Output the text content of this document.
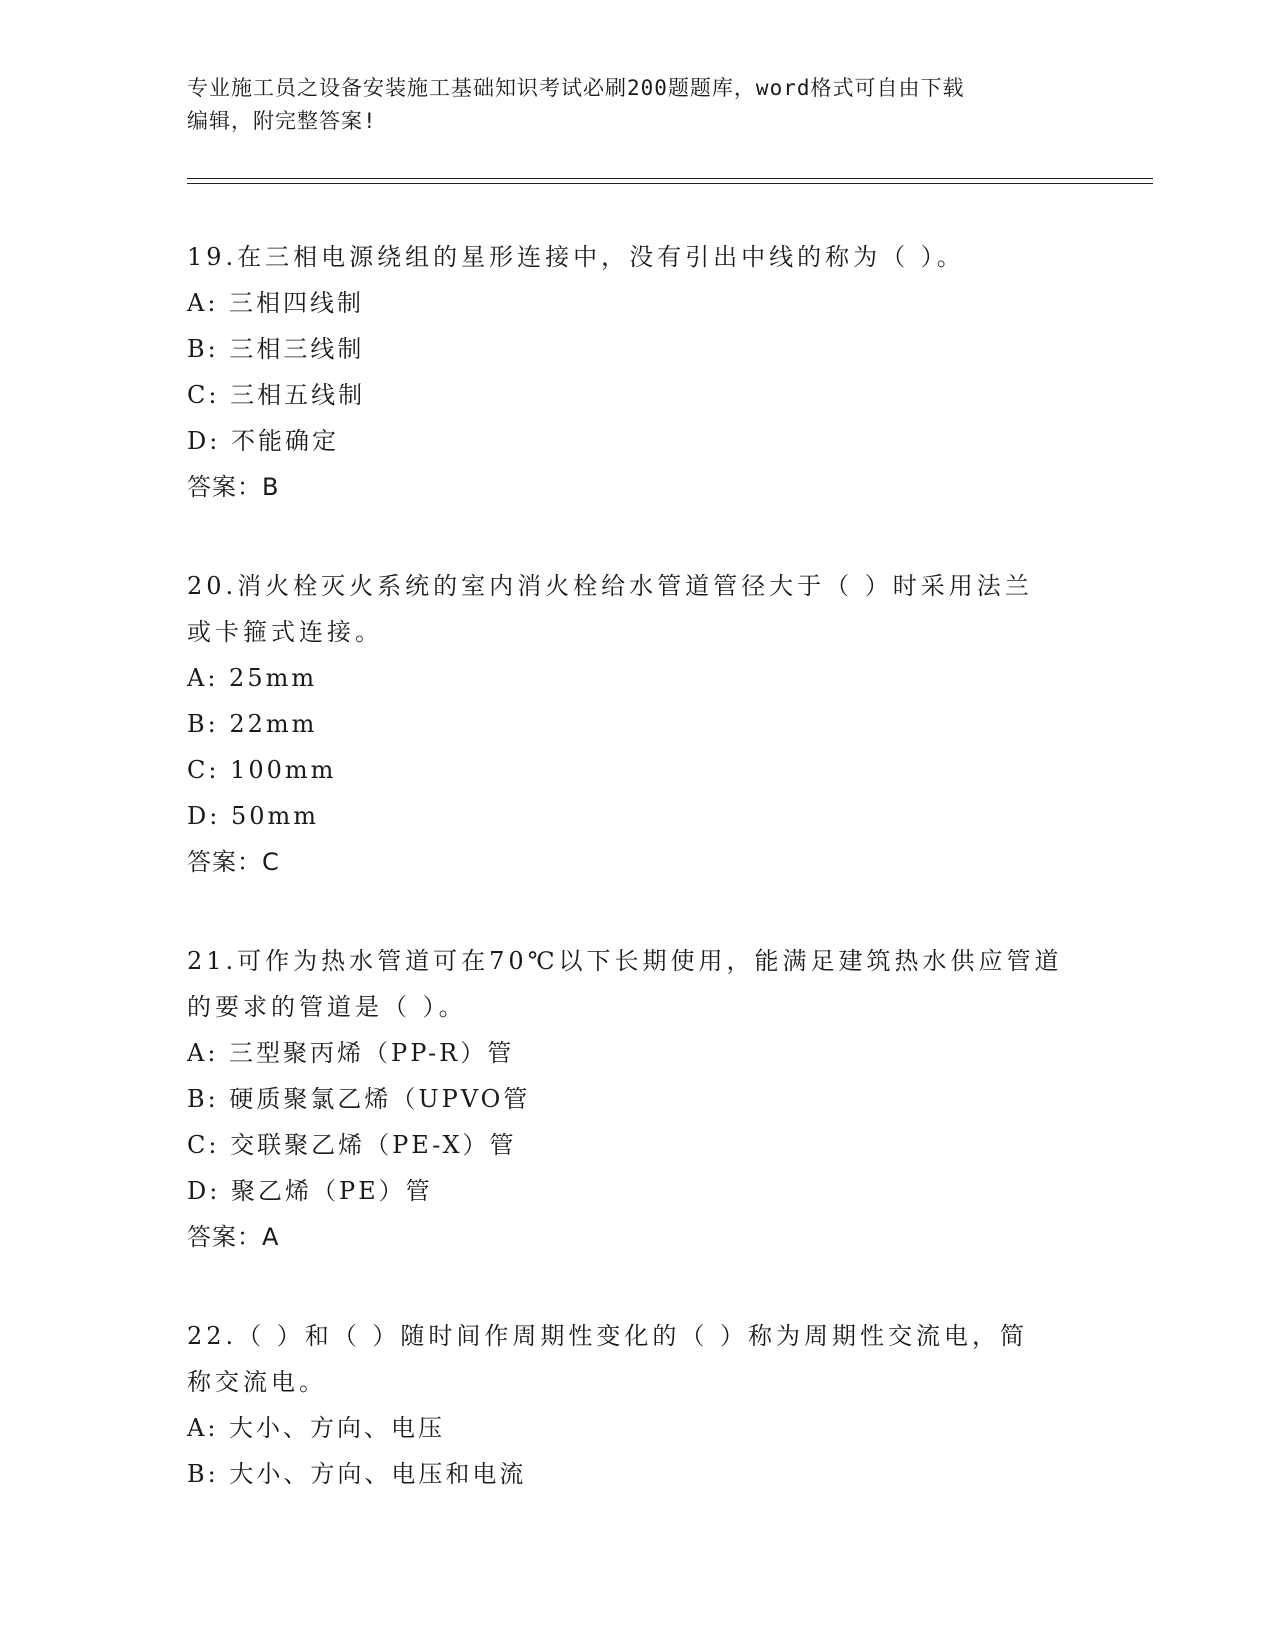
专业施工员之设备安装施工基础知识考试必刷200题题库，word格式可自由下载
编辑，附完整答案!
19.在三相电源绕组的星形连接中，没有引出中线的称为（ ）。
A: 三相四线制
B: 三相三线制
C: 三相五线制
D: 不能确定
答案：B
20.消火栓灭火系统的室内消火栓给水管道管径大于（ ）时采用法兰
或卡箍式连接。
A: 25mm
B: 22mm
C: 100mm
D: 50mm
答案：C
21.可作为热水管道可在70℃以下长期使用，能满足建筑热水供应管道
的要求的管道是（ ）。
A: 三型聚丙烯（PP-R）管
B: 硬质聚氯乙烯（UPVO管
C: 交联聚乙烯（PE-X）管
D: 聚乙烯（PE）管
答案：A
22.（ ）和（ ）随时间作周期性变化的（ ）称为周期性交流电，简
称交流电。
A: 大小、方向、电压
B: 大小、方向、电压和电流
